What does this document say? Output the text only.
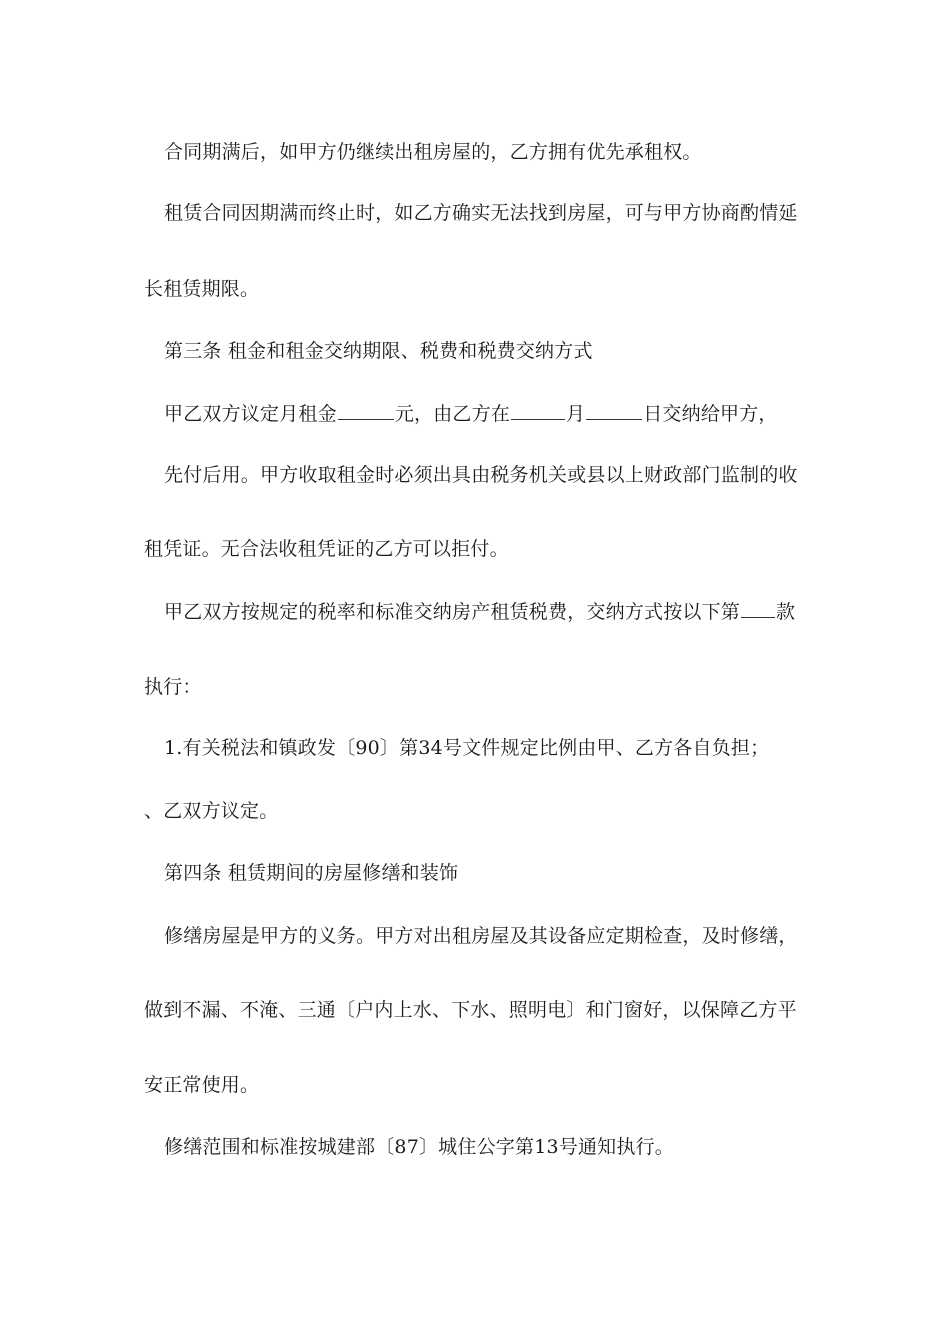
合同期满后，如甲方仍继续出租房屋的，乙方拥有优先承租权。
租赁合同因期满而终止时，如乙方确实无法找到房屋，可与甲方协商酌情延
长租赁期限。
第三条 租金和租金交纳期限、税费和税费交纳方式
甲乙双方议定月租金	元，由乙方在	月	日交纳给甲方，
先付后用。甲方收取租金时必须出具由税务机关或县以上财政部门监制的收
租凭证。无合法收租凭证的乙方可以拒付。
甲乙双方按规定的税率和标准交纳房产租赁税费，交纳方式按以下第 款
执行：
1.有关税法和镇政发〔90〕第34号文件规定比例由甲、乙方各自负担；
、乙双方议定。
第四条 租赁期间的房屋修缮和装饰
修缮房屋是甲方的义务。甲方对出租房屋及其设备应定期检查，及时修缮，
做到不漏、不淹、三通〔户内上水、下水、照明电〕和门窗好，以保障乙方平
安正常使用。
修缮范围和标准按城建部〔87〕城住公字第13号通知执行。
